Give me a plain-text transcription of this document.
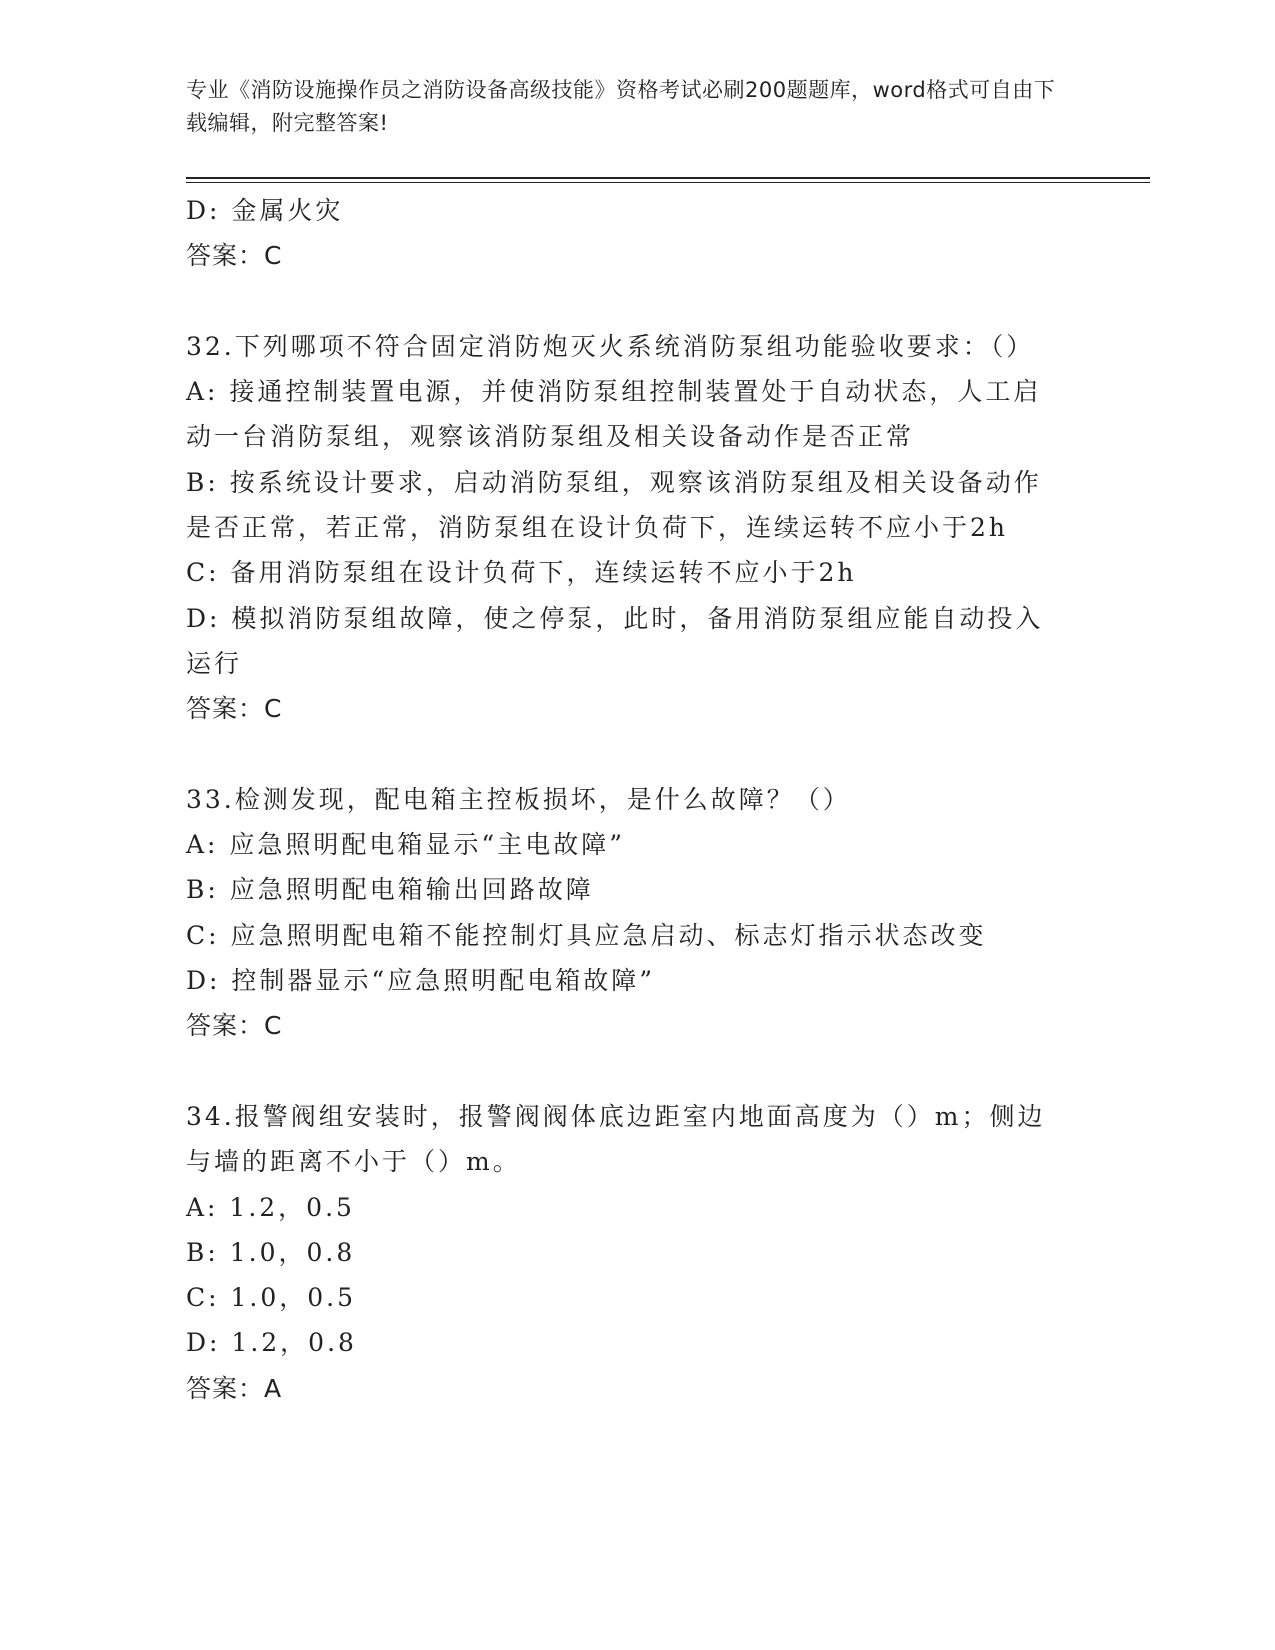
专业《消防设施操作员之消防设备高级技能》资格考试必刷200题题库，word格式可自由下载编辑，附完整答案!
D: 金属火灾
答案：C
32.下列哪项不符合固定消防炮灭火系统消防泵组功能验收要求：（）
A: 接通控制装置电源，并使消防泵组控制装置处于自动状态，人工启
动一台消防泵组，观察该消防泵组及相关设备动作是否正常
B: 按系统设计要求，启动消防泵组，观察该消防泵组及相关设备动作
是否正常，若正常，消防泵组在设计负荷下，连续运转不应小于2h
C: 备用消防泵组在设计负荷下，连续运转不应小于2h
D: 模拟消防泵组故障，使之停泵，此时，备用消防泵组应能自动投入
运行
答案：C
33.检测发现，配电箱主控板损坏，是什么故障？（）
A: 应急照明配电箱显示“主电故障”
B: 应急照明配电箱输出回路故障
C: 应急照明配电箱不能控制灯具应急启动、标志灯指示状态改变
D: 控制器显示“应急照明配电箱故障”
答案：C
34.报警阀组安装时，报警阀阀体底边距室内地面高度为（）m；侧边
与墙的距离不小于（）m。
A: 1.2，0.5
B: 1.0，0.8
C: 1.0，0.5
D: 1.2，0.8
答案：A
